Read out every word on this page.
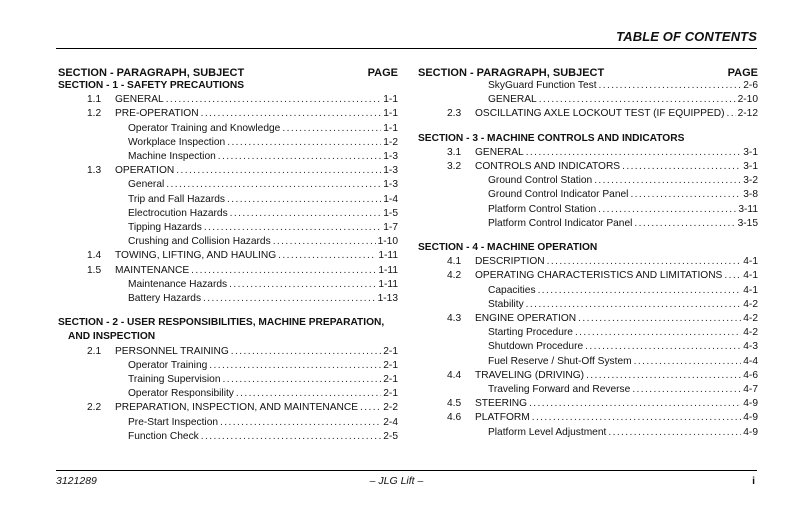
TABLE OF CONTENTS
SECTION - PARAGRAPH, SUBJECT	PAGE
SECTION - 1 - SAFETY PRECAUTIONS
1.1	GENERAL .....	1-1
1.2	PRE-OPERATION .....	1-1
Operator Training and Knowledge .....	1-1
Workplace Inspection .....	1-2
Machine Inspection .....	1-3
1.3	OPERATION .....	1-3
General .....	1-3
Trip and Fall Hazards .....	1-4
Electrocution Hazards .....	1-5
Tipping Hazards .....	1-7
Crushing and Collision Hazards .....	1-10
1.4	TOWING, LIFTING, AND HAULING .....	1-11
1.5	MAINTENANCE .....	1-11
Maintenance Hazards .....	1-11
Battery Hazards .....	1-13
SECTION - 2 - USER RESPONSIBILITIES, MACHINE PREPARATION,
AND INSPECTION
2.1	PERSONNEL TRAINING .....	2-1
Operator Training .....	2-1
Training Supervision .....	2-1
Operator Responsibility .....	2-1
2.2	PREPARATION, INSPECTION, AND MAINTENANCE ..... 2-2
Pre-Start Inspection .....	2-4
Function Check .....	2-5
SECTION - PARAGRAPH, SUBJECT	PAGE
SkyGuard Function Test .....	2-6
GENERAL .....	2-10
2.3	OSCILLATING AXLE LOCKOUT TEST (IF EQUIPPED) ..... 2-12
SECTION - 3 - MACHINE CONTROLS AND INDICATORS
3.1	GENERAL .....	3-1
3.2	CONTROLS AND INDICATORS .....	3-1
Ground Control Station .....	3-2
Ground Control Indicator Panel .....	3-8
Platform Control Station .....	3-11
Platform Control Indicator Panel .....	3-15
SECTION - 4 - MACHINE OPERATION
4.1	DESCRIPTION .....	4-1
4.2	OPERATING CHARACTERISTICS AND LIMITATIONS ..... 4-1
Capacities .....	4-1
Stability .....	4-2
4.3	ENGINE OPERATION .....	4-2
Starting Procedure .....	4-2
Shutdown Procedure .....	4-3
Fuel Reserve / Shut-Off System .....	4-4
4.4	TRAVELING (DRIVING) .....	4-6
Traveling Forward and Reverse .....	4-7
4.5	STEERING .....	4-9
4.6	PLATFORM .....	4-9
Platform Level Adjustment .....	4-9
3121289	– JLG Lift –	i
